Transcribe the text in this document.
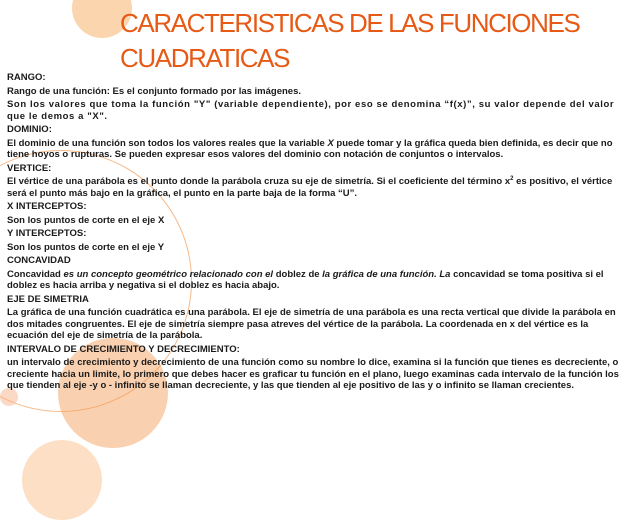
CARACTERISTICAS DE LAS FUNCIONES
CUADRATICAS

RANGO:

Rango de una función: Es el conjunto formado por las imágenes.

Son los valores que toma la función "Y" (variable dependiente), por eso se denomina “f(x)”, su valor depende del valor que le demos a "X".

DOMINIO:

El dominio de una función son todos los valores reales que la variable X puede tomar y la gráfica queda bien definida, es decir que no tiene hoyos o rupturas. Se pueden expresar esos valores del dominio con notación de conjuntos o intervalos.

VERTICE:

El vértice de una parábola es el punto donde la parábola cruza su eje de simetría. Si el coeficiente del término $x^2$ es positivo, el vértice será el punto más bajo en la gráfica, el punto en la parte baja de la forma “U”.

X INTERCEPTOS:

Son los puntos de corte en el eje X

Y INTERCEPTOS:

Son los puntos de corte en el eje Y

CONCAVIDAD

Concavidad es un concepto geométrico relacionado con el doblez de la gráfica de una función. La concavidad se toma positiva si el doblez es hacia arriba y negativa si el doblez es hacia abajo.

EJE DE SIMETRIA

La gráfica de una función cuadrática es una parábola. El eje de simetría de una parábola es una recta vertical que divide la parábola en dos mitades congruentes. El eje de simetría siempre pasa atreves del vértice de la parábola. La coordenada en x del vértice es la ecuación del eje de simetría de la parábola.

INTERVALO DE CRECIMIENTO Y DECRECIMIENTO:

un intervalo de crecimiento y decrecimiento de una función como su nombre lo dice, examina si la función que tienes es decreciente, o creciente hacia un limite, lo primero que debes hacer es graficar tu función en el plano, luego examinas cada intervalo de la función los que tienden al eje -y o - infinito se llaman decreciente, y las que tienden al eje positivo de las y o infinito se llaman crecientes.
